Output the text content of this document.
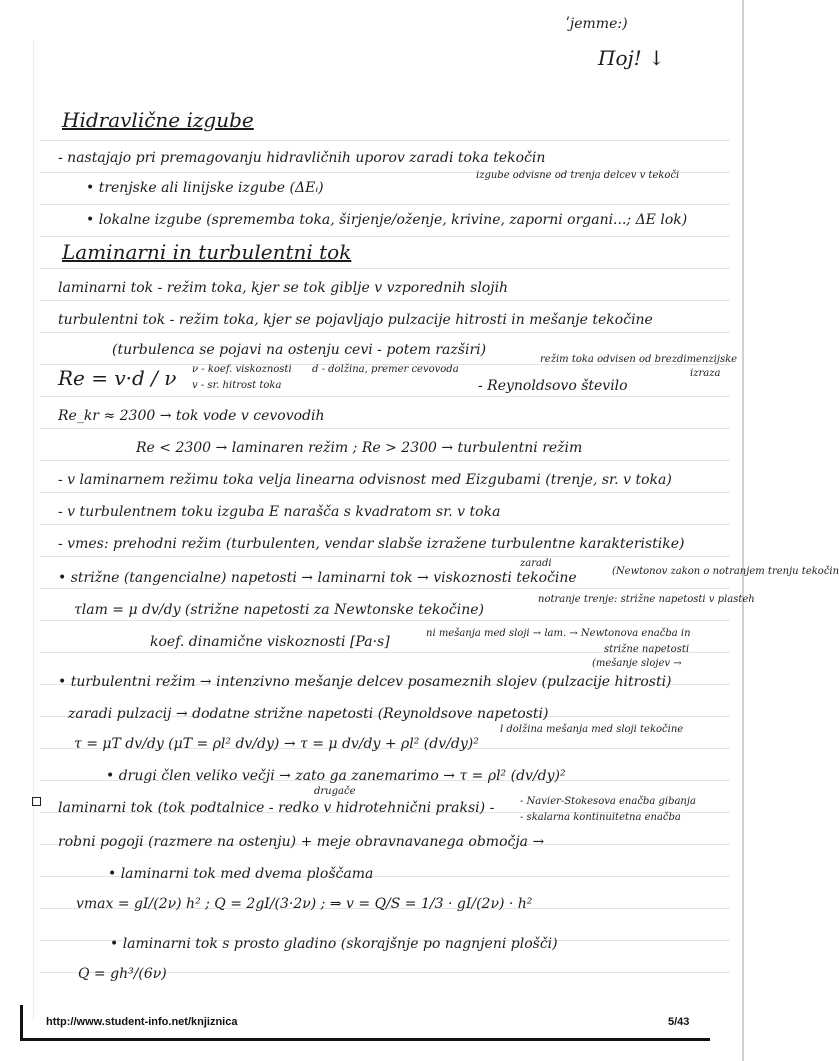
ʹjemme:)
Поj! ↓
Hidravlične izgube
- nastajajo pri premagovanju hidravličnih uporov zaradi toka tekočin
izgube odvisne od trenja delcev v tekoči
• trenjske ali linijske izgube (ΔEᵢ)
• lokalne izgube (sprememba toka, širjenje/oženje, krivine, zaporni organi...; ΔE lok)
Laminarni in turbulentni tok
laminarni tok - režim toka, kjer se tok giblje v vzporednih slojih
turbulentni tok - režim toka, kjer se pojavljajo pulzacije hitrosti in mešanje tekočine
(turbulenca se pojavi na ostenju cevi - potem razširi)
režim toka odvisen od brezdimenzijske
izraza
Re = v·d / ν ν - koef. viskoznosti d - dolžina, premer cevovoda
v - sr. hitrost toka	- Reynoldsovo število
Re_kr ≈ 2300 → tok vode v cevovodih
Re < 2300 → laminaren režim ; Re > 2300 → turbulentni režim
- v laminarnem režimu toka velja linearna odvisnost med Eizgubami (trenje, sr. v toka)
- v turbulentnem toku izguba E narašča s kvadratom sr. v toka
- vmes: prehodni režim (turbulenten, vendar slabše izražene turbulentne karakteristike)
zaradi
• strižne (tangencialne) napetosti → laminarni tok → viskoznosti tekočine	(Newtonov zakon o notranjem trenju tekočin
notranje trenje: strižne napetosti v plasteh
τlam = μ dv/dy (strižne napetosti za Newtonske tekočine)
koef. dinamične viskoznosti [Pa·s]
ni mešanja med sloji → lam. → Newtonova enačba in
strižne napetosti
(mešanje slojev →
• turbulentni režim → intenzivno mešanje delcev posameznih slojev (pulzacije hitrosti)
zaradi pulzacij → dodatne strižne napetosti (Reynoldsove napetosti)
τ = μT dv/dy (μT = ρl² dv/dy) → τ = μ dv/dy + ρl² (dv/dy)²
l dolžina mešanja med sloji tekočine
• drugi člen veliko večji → zato ga zanemarimo → τ = ρl² (dv/dy)²
drugače
laminarni tok (tok podtalnice - redko v hidrotehnični praksi) -	- Navier-Stokesova enačba gibanja
- skalarna kontinuitetna enačba
robni pogoji (razmere na ostenju) + meje obravnavanega območja →
• laminarni tok med dvema ploščama
vmax = gI/(2ν) h² ; Q = 2gI/(3·2ν) ; ⇒ v = Q/S = 1/3 · gI/(2ν) · h²
• laminarni tok s prosto gladino (skorajšnje po nagnjeni plošči)
Q = gh³/(6ν)
http://www.student-info.net/knjiznica	5/43
